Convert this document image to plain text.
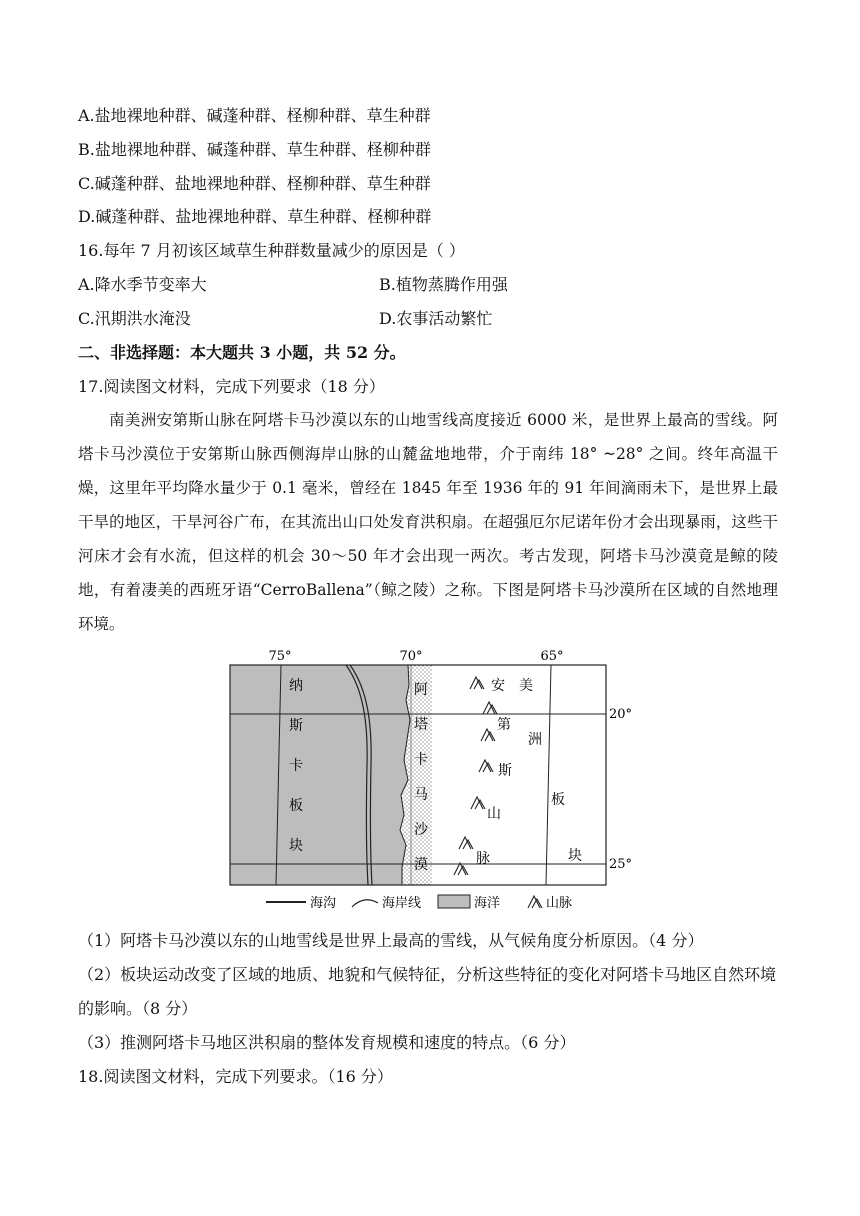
A.盐地裸地种群、碱蓬种群、柽柳种群、草生种群
B.盐地裸地种群、碱蓬种群、草生种群、柽柳种群
C.碱蓬种群、盐地裸地种群、柽柳种群、草生种群
D.碱蓬种群、盐地裸地种群、草生种群、柽柳种群
16.每年 7 月初该区域草生种群数量减少的原因是（ ）
A.降水季节变率大	B.植物蒸腾作用强
C.汛期洪水淹没	D.农事活动繁忙
二、非选择题：本大题共 3 小题，共 52 分。
17.阅读图文材料，完成下列要求（18 分）
南美洲安第斯山脉在阿塔卡马沙漠以东的山地雪线高度接近 6000 米，是世界上最高的雪线。阿塔卡马沙漠位于安第斯山脉西侧海岸山脉的山麓盆地地带，介于南纬 18° ~28° 之间。终年高温干燥，这里年平均降水量少于 0.1 毫米，曾经在 1845 年至 1936 年的 91 年间滴雨未下，是世界上最干旱的地区，干旱河谷广布，在其流出山口处发育洪积扇。在超强厄尔尼诺年份才会出现暴雨，这些干河床才会有水流，但这样的机会 30～50 年才会出现一两次。考古发现，阿塔卡马沙漠竟是鲸的陵地，有着凄美的西班牙语“CerroBallena”（鲸之陵）之称。下图是阿塔卡马沙漠所在区域的自然地理环境。
75°	70°	65°
20°
25°
纳
斯
卡
板
块
阿
塔
卡
马
沙
漠
安
第
斯
山
脉
美
洲
板
块
海沟	海岸线	海洋	山脉
（1）阿塔卡马沙漠以东的山地雪线是世界上最高的雪线，从气候角度分析原因。（4 分）
（2）板块运动改变了区域的地质、地貌和气候特征，分析这些特征的变化对阿塔卡马地区自然环境的影响。（8 分）
（3）推测阿塔卡马地区洪积扇的整体发育规模和速度的特点。（6 分）
18.阅读图文材料，完成下列要求。（16 分）
